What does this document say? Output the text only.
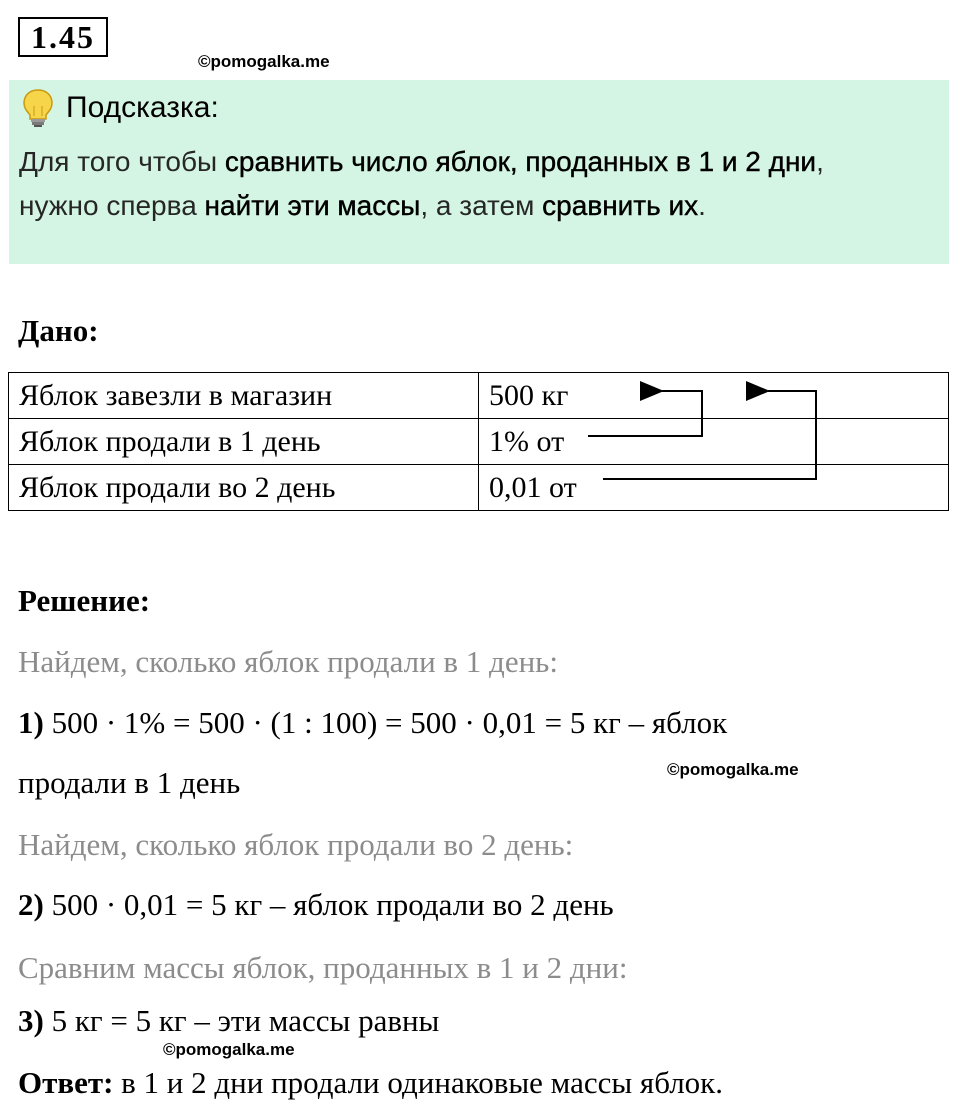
1.45
©pomogalka.me
Подсказка:
Для того чтобы сравнить число яблок, проданных в 1 и 2 дни,
нужно сперва найти эти массы, а затем сравнить их.
Дано:
Яблок завезли в магазин	500 кг
Яблок продали в 1 день	1% от
Яблок продали во 2 день	0,01 от
Решение:
Найдем, сколько яблок продали в 1 день:
1) 500 · 1% = 500 · (1 : 100) = 500 · 0,01 = 5 кг – яблок
продали в 1 день	©pomogalka.me
Найдем, сколько яблок продали во 2 день:
2) 500 · 0,01 = 5 кг – яблок продали во 2 день
Сравним массы яблок, проданных в 1 и 2 дни:
3) 5 кг = 5 кг – эти массы равны
©pomogalka.me
Ответ: в 1 и 2 дни продали одинаковые массы яблок.
